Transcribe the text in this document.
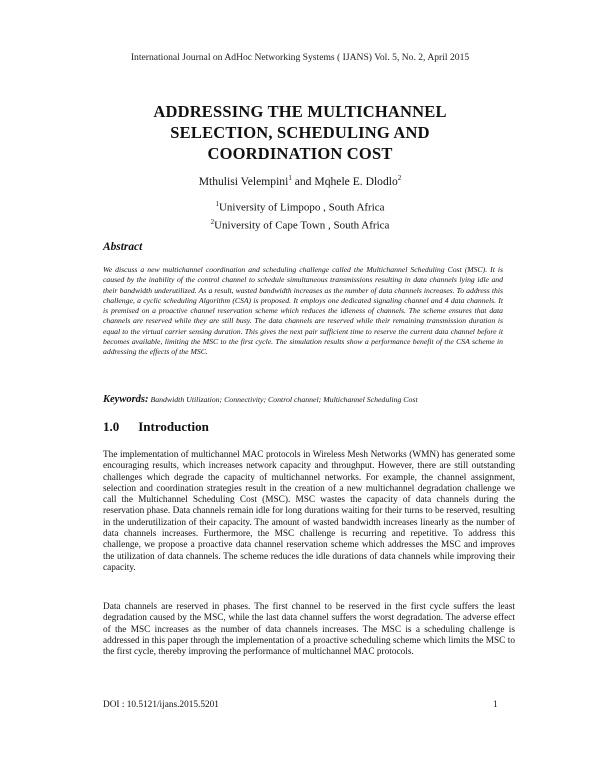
International Journal on AdHoc Networking Systems ( IJANS) Vol. 5, No. 2, April 2015
ADDRESSING THE MULTICHANNEL
SELECTION, SCHEDULING AND
COORDINATION COST
Mthulisi Velempini$^1$ and Mqhele E. Dlodlo$^2$
$^1$University of Limpopo , South Africa
$^2$University of Cape Town , South Africa
Abstract
We discuss a new multichannel coordination and scheduling challenge called the Multichannel Scheduling Cost (MSC). It is caused by the inability of the control channel to schedule simultaneous transmissions resulting in data channels lying idle and their bandwidth underutilized. As a result, wasted bandwidth increases as the number of data channels increases. To address this challenge, a cyclic scheduling Algorithm (CSA) is proposed. It employs one dedicated signaling channel and 4 data channels. It is premised on a proactive channel reservation scheme which reduces the idleness of channels. The scheme ensures that data channels are reserved while they are still busy. The data channels are reserved while their remaining transmission duration is equal to the virtual carrier sensing duration. This gives the next pair sufficient time to reserve the current data channel before it becomes available, limiting the MSC to the first cycle. The simulation results show a performance benefit of the CSA scheme in addressing the effects of the MSC.
Keywords: Bandwidth Utilization; Connectivity; Control channel; Multichannel Scheduling Cost
1.0 Introduction
The implementation of multichannel MAC protocols in Wireless Mesh Networks (WMN) has generated some encouraging results, which increases network capacity and throughput. However, there are still outstanding challenges which degrade the capacity of multichannel networks. For example, the channel assignment, selection and coordination strategies result in the creation of a new multichannel degradation challenge we call the Multichannel Scheduling Cost (MSC). MSC wastes the capacity of data channels during the reservation phase. Data channels remain idle for long durations waiting for their turns to be reserved, resulting in the underutilization of their capacity. The amount of wasted bandwidth increases linearly as the number of data channels increases. Furthermore, the MSC challenge is recurring and repetitive. To address this challenge, we propose a proactive data channel reservation scheme which addresses the MSC and improves the utilization of data channels. The scheme reduces the idle durations of data channels while improving their capacity.
Data channels are reserved in phases. The first channel to be reserved in the first cycle suffers the least degradation caused by the MSC, while the last data channel suffers the worst degradation. The adverse effect of the MSC increases as the number of data channels increases. The MSC is a scheduling challenge is addressed in this paper through the implementation of a proactive scheduling scheme which limits the MSC to the first cycle, thereby improving the performance of multichannel MAC protocols.
DOI : 10.5121/ijans.2015.5201	1
